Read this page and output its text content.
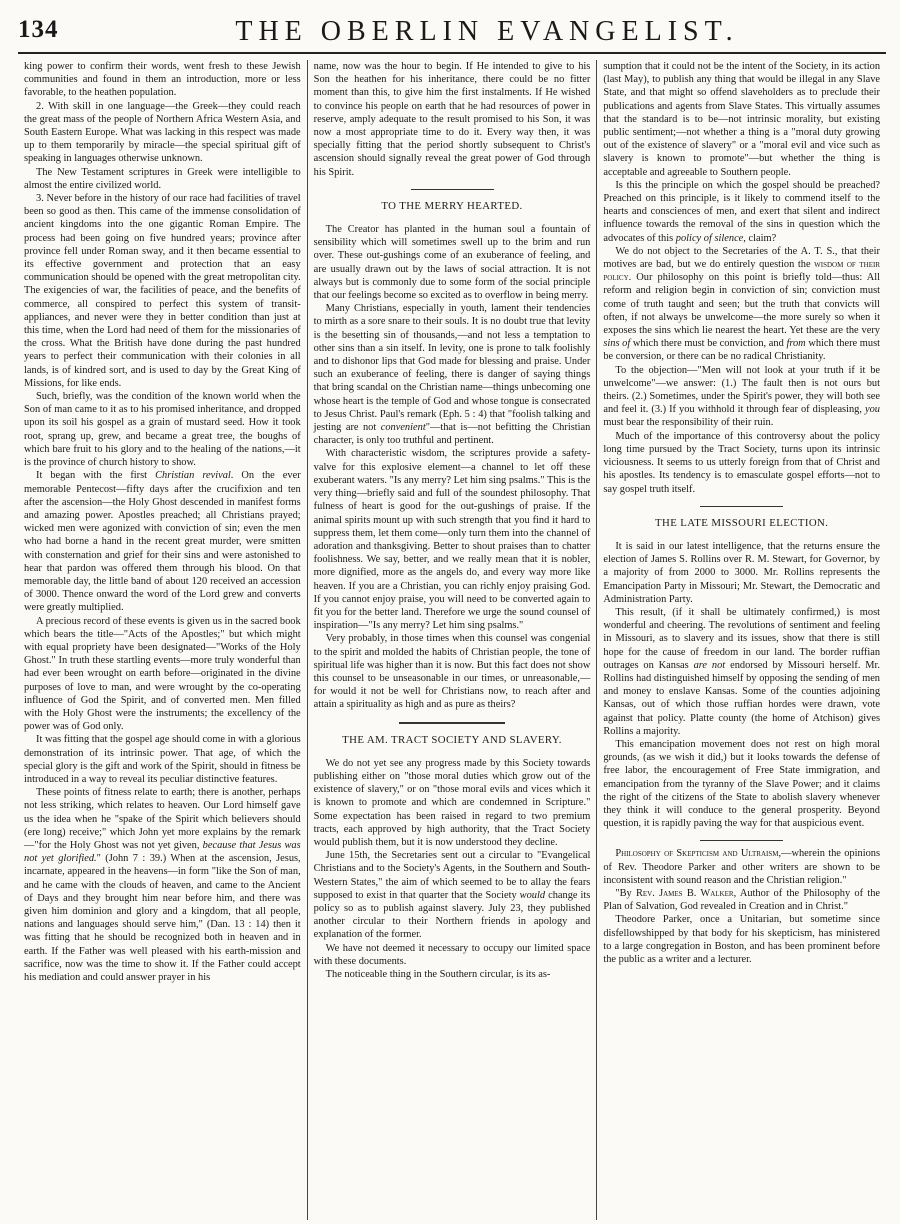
134	THE OBERLIN EVANGELIST.

king power to confirm their words, went fresh to these Jewish communities and found in them an introduction, more or less favorable, to the heathen population.

2. With skill in one language—the Greek—they could reach the great mass of the people of Northern Africa Western Asia, and South Eastern Europe. What was lacking in this respect was made up to them temporarily by miracle—the special spiritual gift of speaking in languages otherwise unknown.

The New Testament scriptures in Greek were intelligible to almost the entire civilized world.

3. Never before in the history of our race had facilities of travel been so good as then. This came of the immense consolidation of ancient kingdoms into the one gigantic Roman Empire. The process had been going on five hundred years; province after province fell under Roman sway, and it then became essential to its effective government and protection that an easy communication should be opened with the great metropolitan city. The exigencies of war, the facilities of peace, and the benefits of commerce, all conspired to perfect this system of transit-appliances, and never were they in better condition than just at this time, when the Lord had need of them for the missionaries of the cross. What the British have done during the past hundred years to perfect their communication with their colonies in all lands, is of kindred sort, and is used to day by the Great King of Missions, for like ends.

Such, briefly, was the condition of the known world when the Son of man came to it as to his promised inheritance, and dropped upon its soil his gospel as a grain of mustard seed. How it took root, sprang up, grew, and became a great tree, the boughs of which bare fruit to his glory and to the healing of the nations,—it is the province of church history to show.

It began with the first Christian revival. On the ever memorable Pentecost—fifty days after the crucifixion and ten after the ascension—the Holy Ghost descended in manifest forms and amazing power. Apostles preached; all Christians prayed; wicked men were agonized with conviction of sin; even the men who had borne a hand in the recent great murder, were smitten with consternation and grief for their sins and were astonished to hear that pardon was offered them through his blood. On that memorable day, the little band of about 120 received an accession of 3000. Thence onward the word of the Lord grew and converts were greatly multiplied.

A precious record of these events is given us in the sacred book which bears the title—"Acts of the Apostles;" but which might with equal propriety have been designated—"Works of the Holy Ghost." In truth these startling events—more truly wonderful than had ever been wrought on earth before—originated in the divine purposes of love to man, and were wrought by the co-operating influence of God the Spirit, and of converted men. Men filled with the Holy Ghost were the instruments; the excellency of the power was of God only.

It was fitting that the gospel age should come in with a glorious demonstration of its intrinsic power. That age, of which the special glory is the gift and work of the Spirit, should in fitness be introduced in a way to reveal its peculiar distinctive features.

These points of fitness relate to earth; there is another, perhaps not less striking, which relates to heaven. Our Lord himself gave us the idea when he "spake of the Spirit which believers should (ere long) receive;" which John yet more explains by the remark—"for the Holy Ghost was not yet given, because that Jesus was not yet glorified." (John 7 : 39.) When at the ascension, Jesus, incarnate, appeared in the heavens—in form "like the Son of man, and he came with the clouds of heaven, and came to the Ancient of Days and they brought him near before him, and there was given him dominion and glory and a kingdom, that all people, nations and languages should serve him," (Dan. 13 : 14) then it was fitting that he should be recognized both in heaven and in earth. If the Father was well pleased with his earth-mission and sacrifice, now was the time to show it. If the Father could accept his mediation and could answer prayer in his

name, now was the hour to begin. If He intended to give to his Son the heathen for his inheritance, there could be no fitter moment than this, to give him the first instalments. If He wished to convince his people on earth that he had resources of power in reserve, amply adequate to the result promised to his Son, it was now a most appropriate time to do it. Every way then, it was specially fitting that the period shortly subsequent to Christ's ascension should signally reveal the great power of God through his Spirit.

TO THE MERRY HEARTED.

The Creator has planted in the human soul a fountain of sensibility which will sometimes swell up to the brim and run over. These out-gushings come of an exuberance of feeling, and are usually drawn out by the laws of social attraction. It is not always but is commonly due to some form of the social principle that our feelings become so excited as to overflow in being merry.

Many Christians, especially in youth, lament their tendencies to mirth as a sore snare to their souls. It is no doubt true that levity is the besetting sin of thousands,—and not less a temptation to other sins than a sin itself. In levity, one is prone to talk foolishly and to dishonor lips that God made for blessing and praise. Under such an exuberance of feeling, there is danger of saying things that bring scandal on the Christian name—things unbecoming one whose heart is the temple of God and whose tongue is consecrated to Jesus Christ. Paul's remark (Eph. 5 : 4) that "foolish talking and jesting are not convenient"—that is—not befitting the Christian character, is only too truthful and pertinent.

With characteristic wisdom, the scriptures provide a safety-valve for this explosive element—a channel to let off these exuberant waters. "Is any merry? Let him sing psalms." This is the very thing—briefly said and full of the soundest philosophy. That fulness of heart is good for the out-gushings of praise. If the animal spirits mount up with such strength that you find it hard to suppress them, let them come—only turn them into the channel of adoration and thanksgiving. Better to shout praises than to chatter foolishness. We say, better, and we really mean that it is nobler, more dignified, more as the angels do, and every way more like heaven. If you are a Christian, you can richly enjoy praising God. If you cannot enjoy praise, you will need to be converted again to fit you for the better land. Therefore we urge the sound counsel of inspiration—"Is any merry? Let him sing psalms."

Very probably, in those times when this counsel was congenial to the spirit and molded the habits of Christian people, the tone of spiritual life was higher than it is now. But this fact does not show this counsel to be unseasonable in our times, or unreasonable,—for would it not be well for Christians now, to reach after and attain a spirituality as high and as pure as theirs?

THE AM. TRACT SOCIETY AND SLAVERY.

We do not yet see any progress made by this Society towards publishing either on "those moral duties which grow out of the existence of slavery," or on "those moral evils and vices which it is known to promote and which are condemned in Scripture." Some expectation has been raised in regard to two premium tracts, each approved by high authority, that the Tract Society would publish them, but it is now understood they decline.

June 15th, the Secretaries sent out a circular to "Evangelical Christians and to the Society's Agents, in the Southern and South-Western States," the aim of which seemed to be to allay the fears supposed to exist in that quarter that the Society would change its policy so as to publish against slavery. July 23, they published another circular to their Northern friends in apology and explanation of the former.

We have not deemed it necessary to occupy our limited space with these documents.

The noticeable thing in the Southern circular, is its as-

sumption that it could not be the intent of the Society, in its action (last May), to publish any thing that would be illegal in any Slave State, and that might so offend slaveholders as to preclude their publications and agents from Slave States. This virtually assumes that the standard is to be—not intrinsic morality, but existing public sentiment;—not whether a thing is a "moral duty growing out of the existence of slavery" or a "moral evil and vice such as slavery is known to promote"—but whether the thing is acceptable and agreeable to Southern people.

Is this the principle on which the gospel should be preached? Preached on this principle, is it likely to commend itself to the hearts and consciences of men, and exert that silent and indirect influence towards the removal of the sins in question which the advocates of this policy of silence, claim?

We do not object to the Secretaries of the A. T. S., that their motives are bad, but we do entirely question the wisdom of their policy. Our philosophy on this point is briefly told—thus: All reform and religion begin in conviction of sin; conviction must come of truth taught and seen; but the truth that convicts will often, if not always be unwelcome—the more surely so when it exposes the sins which lie nearest the heart. Yet these are the very sins of which there must be conviction, and from which there must be conversion, or there can be no radical Christianity.

To the objection—"Men will not look at your truth if it be unwelcome"—we answer: (1.) The fault then is not ours but theirs. (2.) Sometimes, under the Spirit's power, they will both see and feel it. (3.) If you withhold it through fear of displeasing, you must bear the responsibility of their ruin.

Much of the importance of this controversy about the policy long time pursued by the Tract Society, turns upon its intrinsic viciousness. It seems to us utterly foreign from that of Christ and his apostles. Its tendency is to emasculate gospel efforts—not to say gospel truth itself.

THE LATE MISSOURI ELECTION.

It is said in our latest intelligence, that the returns ensure the election of James S. Rollins over R. M. Stewart, for Governor, by a majority of from 2000 to 3000. Mr. Rollins represents the Emancipation Party in Missouri; Mr. Stewart, the Democratic and Administration Party.

This result, (if it shall be ultimately confirmed,) is most wonderful and cheering. The revolutions of sentiment and feeling in Missouri, as to slavery and its issues, show that there is still hope for the cause of freedom in our land. The border ruffian outrages on Kansas are not endorsed by Missouri herself. Mr. Rollins had distinguished himself by opposing the sending of men and money to enslave Kansas. Some of the counties adjoining Kansas, out of which those ruffian hordes were drawn, vote against that policy. Platte county (the home of Atchison) gives Rollins a majority.

This emancipation movement does not rest on high moral grounds, (as we wish it did,) but it looks towards the defense of free labor, the encouragement of Free State immigration, and emancipation from the tyranny of the Slave Power; and it claims the right of the citizens of the State to abolish slavery whenever they think it will conduce to the general prosperity. Beyond question, it is rapidly paving the way for that auspicious event.

Philosophy of Skepticism and Ultraism,—wherein the opinions of Rev. Theodore Parker and other writers are shown to be inconsistent with sound reason and the Christian religion."

"By Rev. James B. Walker, Author of the Philosophy of the Plan of Salvation, God revealed in Creation and in Christ."

Theodore Parker, once a Unitarian, but sometime since disfellowshipped by that body for his skepticism, has ministered to a large congregation in Boston, and has been prominent before the public as a writer and a lecturer.
